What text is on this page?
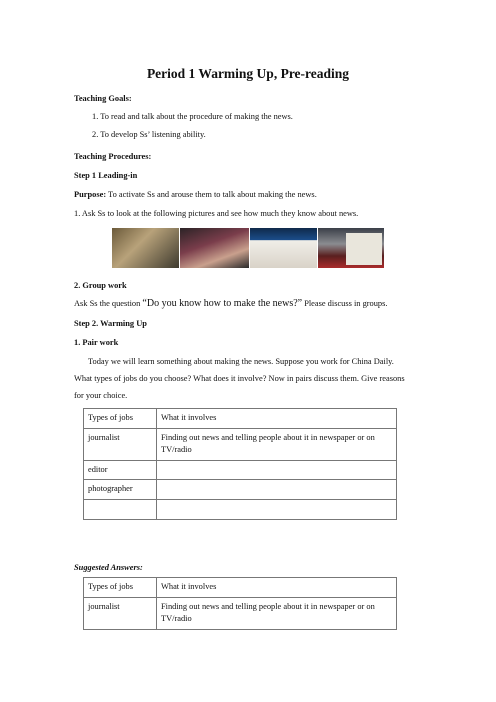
Period 1 Warming Up, Pre-reading
Teaching Goals:
1. To read and talk about the procedure of making the news.
2. To develop Ss’ listening ability.
Teaching Procedures:
Step 1 Leading-in
Purpose: To activate Ss and arouse them to talk about making the news.
1. Ask Ss to look at the following pictures and see how much they know about news.
2. Group work
Ask Ss the question “Do you know how to make the news?” Please discuss in groups.
Step 2. Warming Up
1. Pair work
Today we will learn something about making the news. Suppose you work for China Daily.
What types of jobs do you choose? What does it involve? Now in pairs discuss them. Give reasons
for your choice.
Types of jobs	What it involves
journalist	Finding out news and telling people about it in newspaper or on TV/radio
editor	
photographer	

Suggested Answers:
Types of jobs	What it involves
journalist	Finding out news and telling people about it in newspaper or on TV/radio
